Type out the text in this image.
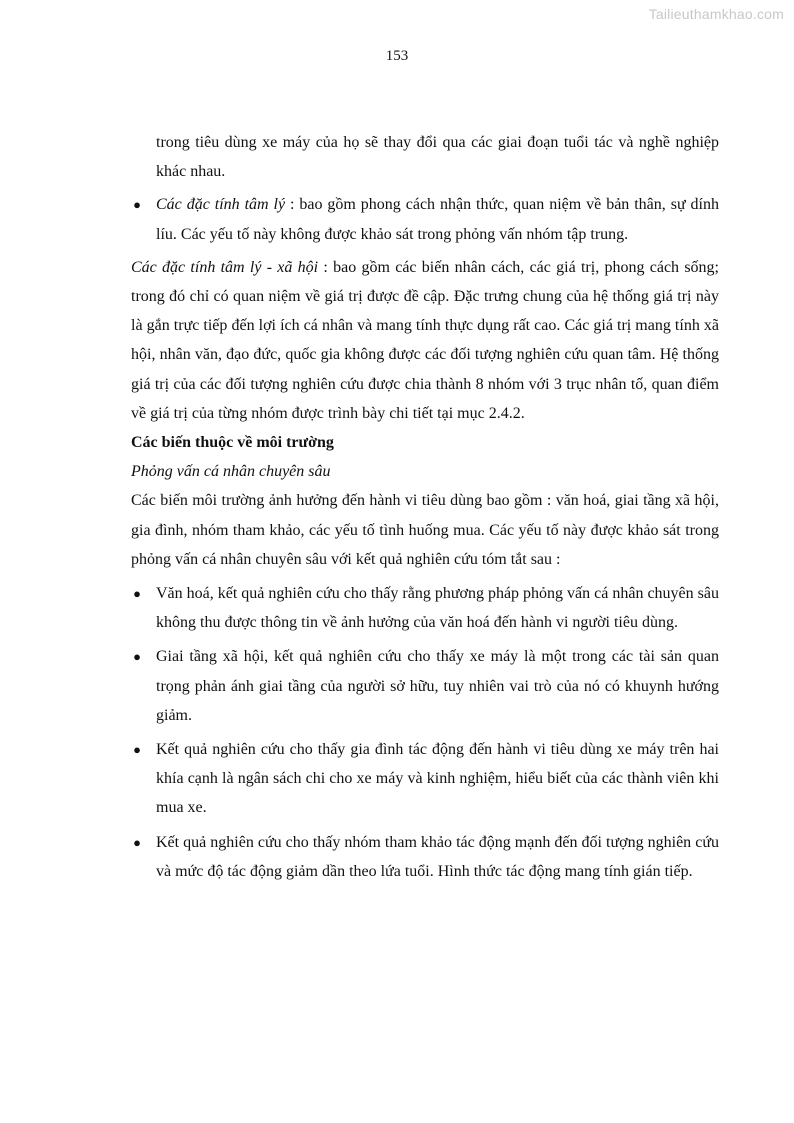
Tailieuthamkhao.com
153

trong tiêu dùng xe máy của họ sẽ thay đổi qua các giai đoạn tuổi tác và nghề nghiệp khác nhau.

● Các đặc tính tâm lý : bao gồm phong cách nhận thức, quan niệm về bản thân, sự dính líu. Các yếu tố này không được khảo sát trong phỏng vấn nhóm tập trung.

Các đặc tính tâm lý - xã hội : bao gồm các biến nhân cách, các giá trị, phong cách sống; trong đó chỉ có quan niệm về giá trị được đề cập. Đặc trưng chung của hệ thống giá trị này là gắn trực tiếp đến lợi ích cá nhân và mang tính thực dụng rất cao. Các giá trị mang tính xã hội, nhân văn, đạo đức, quốc gia không được các đối tượng nghiên cứu quan tâm. Hệ thống giá trị của các đối tượng nghiên cứu được chia thành 8 nhóm với 3 trục nhân tố, quan điểm về giá trị của từng nhóm được trình bày chi tiết tại mục 2.4.2.

Các biến thuộc về môi trường

Phỏng vấn cá nhân chuyên sâu

Các biến môi trường ảnh hưởng đến hành vi tiêu dùng bao gồm : văn hoá, giai tầng xã hội, gia đình, nhóm tham khảo, các yếu tố tình huống mua. Các yếu tố này được khảo sát trong phỏng vấn cá nhân chuyên sâu với kết quả nghiên cứu tóm tắt sau :

● Văn hoá, kết quả nghiên cứu cho thấy rằng phương pháp phỏng vấn cá nhân chuyên sâu không thu được thông tin về ảnh hưởng của văn hoá đến hành vi người tiêu dùng.

● Giai tầng xã hội, kết quả nghiên cứu cho thấy xe máy là một trong các tài sản quan trọng phản ánh giai tầng của người sở hữu, tuy nhiên vai trò của nó có khuynh hướng giảm.

● Kết quả nghiên cứu cho thấy gia đình tác động đến hành vi tiêu dùng xe máy trên hai khía cạnh là ngân sách chi cho xe máy và kinh nghiệm, hiểu biết của các thành viên khi mua xe.

● Kết quả nghiên cứu cho thấy nhóm tham khảo tác động mạnh đến đối tượng nghiên cứu và mức độ tác động giảm dần theo lứa tuổi. Hình thức tác động mang tính gián tiếp.
